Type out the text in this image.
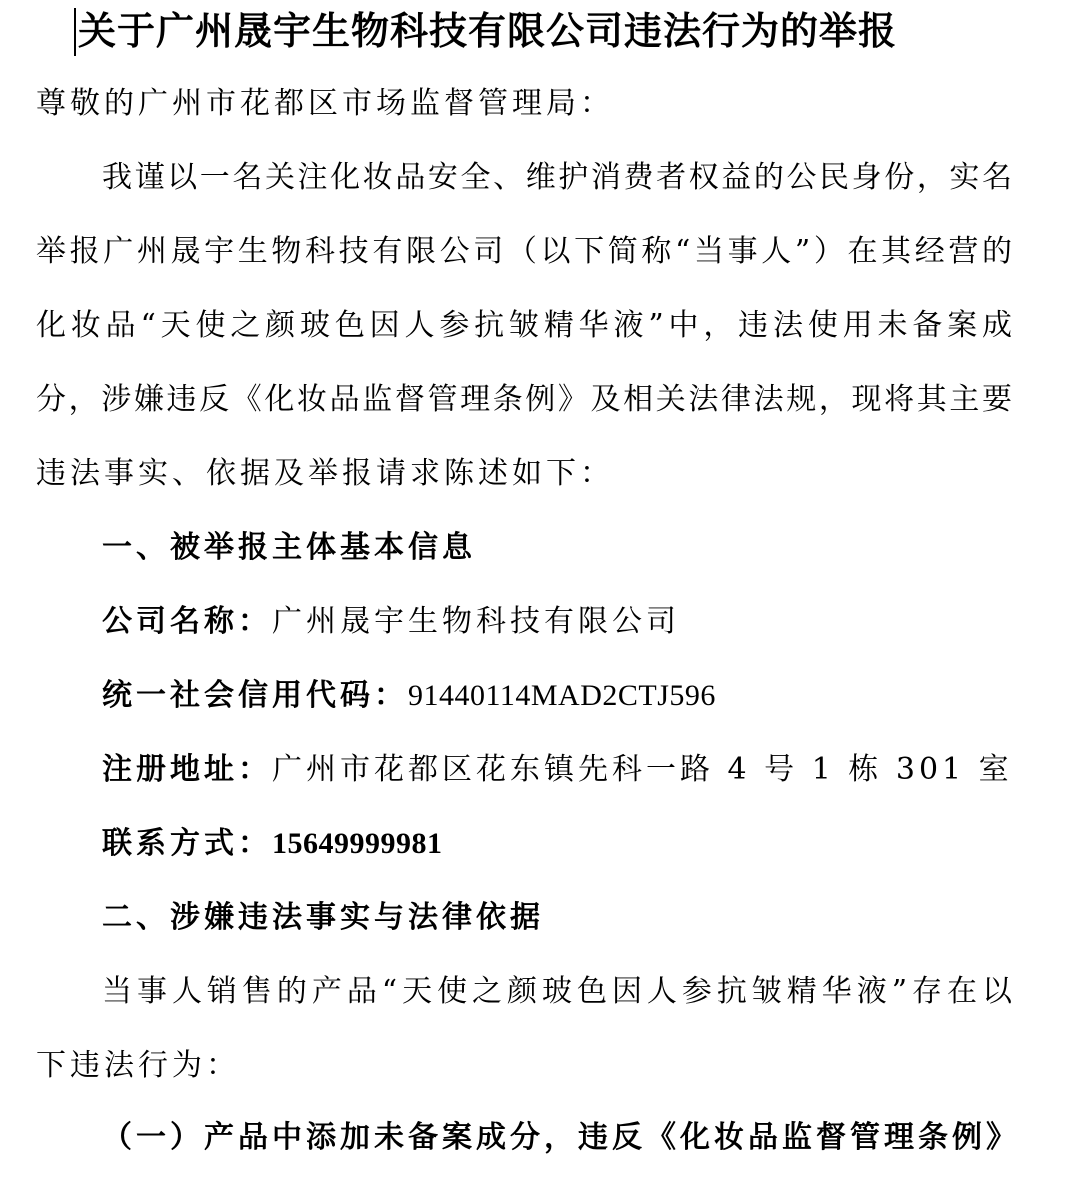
关于广州晟宇生物科技有限公司违法行为的举报
尊敬的广州市花都区市场监督管理局：
我谨以一名关注化妆品安全、维护消费者权益的公民身份，实名
举报广州晟宇生物科技有限公司（以下简称“当事人”）在其经营的
化妆品“天使之颜玻色因人参抗皱精华液”中，违法使用未备案成
分，涉嫌违反《化妆品监督管理条例》及相关法律法规，现将其主要
违法事实、依据及举报请求陈述如下：
一、被举报主体基本信息
公司名称：广州晟宇生物科技有限公司
统一社会信用代码：91440114MAD2CTJ596
注册地址：广州市花都区花东镇先科一路 4 号 1 栋 301 室
联系方式：15649999981
二、涉嫌违法事实与法律依据
当事人销售的产品“天使之颜玻色因人参抗皱精华液”存在以
下违法行为：
（一）产品中添加未备案成分，违反《化妆品监督管理条例》
